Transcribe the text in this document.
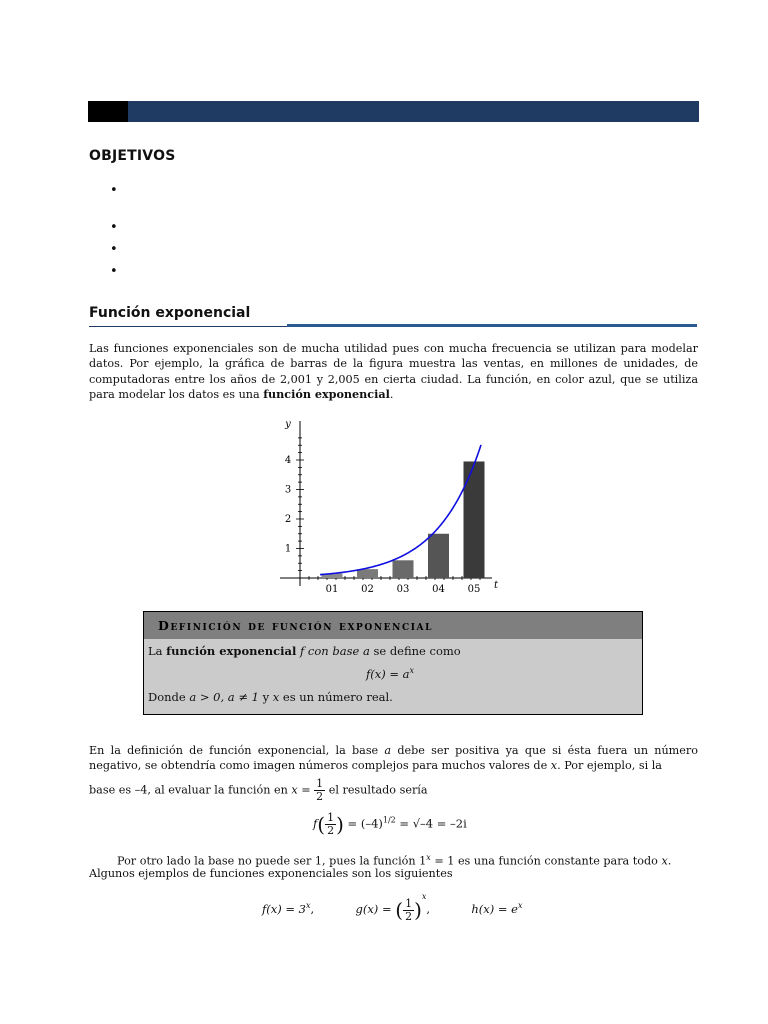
OBJETIVOS
•
•
•
•
Función exponencial
Las funciones exponenciales son de mucha utilidad pues con mucha frecuencia se utilizan para modelar datos. Por ejemplo, la gráfica de barras de la figura muestra las ventas, en millones de unidades, de computadoras entre los años de 2,001 y 2,005 en cierta ciudad. La función, en color azul, que se utiliza para modelar los datos es una función exponencial.
1
2
3
4
y
t
01 02 03 04 05
Definición de función exponencial
La función exponencial f con base a se define como
$f(x) = a^x$
Donde a > 0, a ≠ 1 y x es un número real.
En la definición de función exponencial, la base a debe ser positiva ya que si ésta fuera un número negativo, se obtendría como imagen números complejos para muchos valores de x. Por ejemplo, si la
base es –4, al evaluar la función en $x = \frac{1}{2}$ el resultado sería
$f( \frac{1}{2}$ ) = $(-4)^{1/2} = √-4 = -2i$
Por otro lado la base no puede ser 1, pues la función $1^x = 1$ es una función constante para todo x.
Algunos ejemplos de funciones exponenciales son los siguientes
$f(x) = 3^x$,	g(x) = ( $\frac{1}{2} )^x$,	$h(x) = e^x$
